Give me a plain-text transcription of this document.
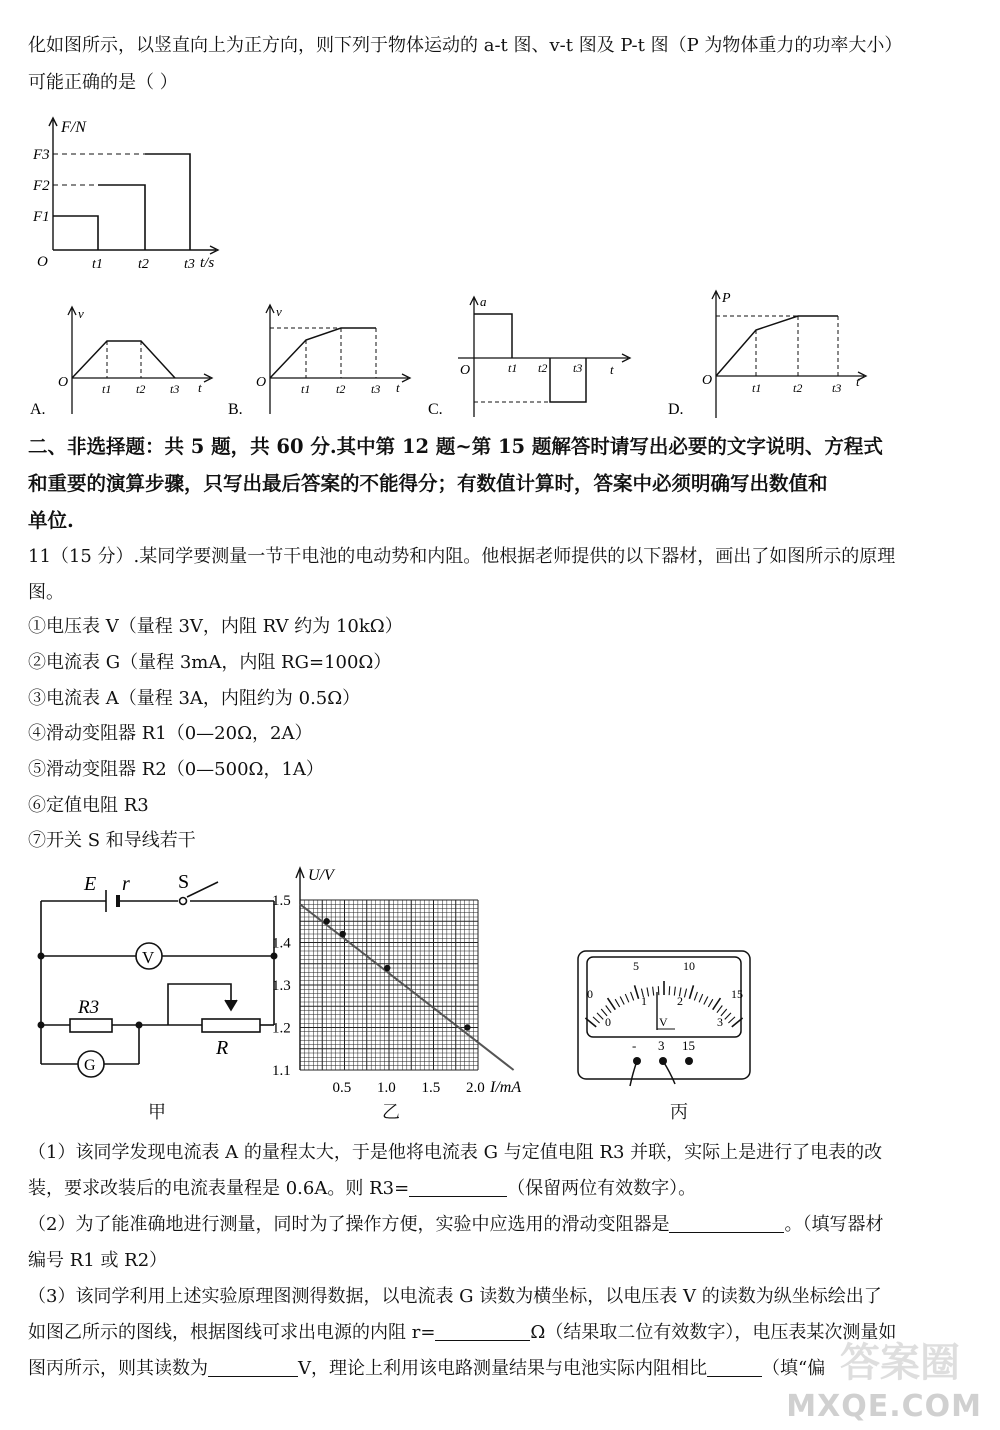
化如图所示，以竖直向上为正方向，则下列于物体运动的 a-t 图、v-t 图及 P-t 图（P 为物体重力的功率大小）
可能正确的是（ ）
F/N
F3
F2
F1
O	t1	t2	t3 t/s
v
O	t1 t2 t3 t
A.
v
O	t1 t2 t3 t
B.
a
O	t1 t2 t3 t
C.
P
O	t1	t2 t3 t
D.
二、非选择题：共 5 题，共 60 分.其中第 12 题~第 15 题解答时请写出必要的文字说明、方程式
和重要的演算步骤，只写出最后答案的不能得分；有数值计算时，答案中必须明确写出数值和
单位.
11（15 分）.某同学要测量一节干电池的电动势和内阻。他根据老师提供的以下器材，画出了如图所示的原理
图。
①电压表 V（量程 3V，内阻 RV 约为 10kΩ）
②电流表 G（量程 3mA，内阻 RG=100Ω）
③电流表 A（量程 3A，内阻约为 0.5Ω）
④滑动变阻器 R1（0—20Ω，2A）
⑤滑动变阻器 R2（0—500Ω，1A）
⑥定值电阻 R3
⑦开关 S 和导线若干
E r S
V
R3
G
R
甲
1.5
1.4
1.3
1.2
1.1
0.5 1.0 1.5 2.0
U/V
I/mA
乙
0
5	10
15
0
1	2
3
V
- 3 15
丙
（1）该同学发现电流表 A 的量程太大，于是他将电流表 G 与定值电阻 R3 并联，实际上是进行了电表的改
装，要求改装后的电流表量程是 0.6A。则 R3=	（保留两位有效数字）。
（2）为了能准确地进行测量，同时为了操作方便，实验中应选用的滑动变阻器是	。（填写器材
编号 R1 或 R2）
（3）该同学利用上述实验原理图测得数据，以电流表 G 读数为横坐标，以电压表 V 的读数为纵坐标绘出了
如图乙所示的图线，根据图线可求出电源的内阻 r=	Ω（结果取二位有效数字），电压表某次测量如
图丙所示，则其读数为	V，理论上利用该电路测量结果与电池实际内阻相比	（填“偏 答案圈
MXQE.COM
